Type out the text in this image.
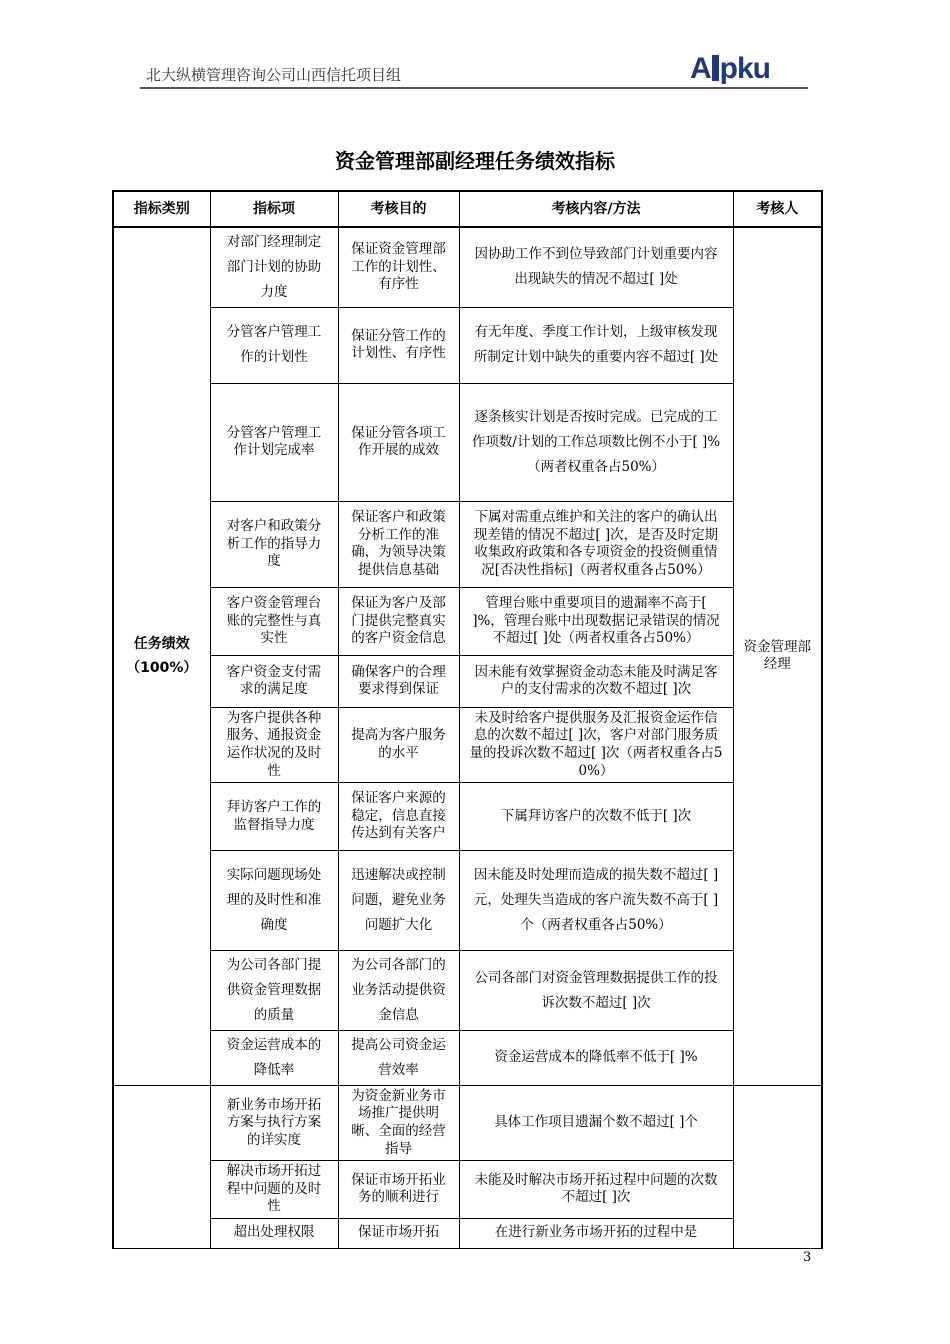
北大纵横管理咨询公司山西信托项目组	A pku
资金管理部副经理任务绩效指标
指标类别	指标项	考核目的	考核内容/方法	考核人
任务绩效
（100%）	对部门经理制定部门计划的协助力度	保证资金管理部工作的计划性、有序性	因协助工作不到位导致部门计划重要内容出现缺失的情况不超过[ ]处	资金管理部经理
	分管客户管理工作的计划性	保证分管工作的计划性、有序性	有无年度、季度工作计划，上级审核发现所制定计划中缺失的重要内容不超过[ ]处	
	分管客户管理工作计划完成率	保证分管各项工作开展的成效	逐条核实计划是否按时完成。已完成的工作项数/计划的工作总项数比例不小于[ ]%（两者权重各占50%）	
	对客户和政策分析工作的指导力度	保证客户和政策分析工作的准确，为领导决策提供信息基础	下属对需重点维护和关注的客户的确认出现差错的情况不超过[ ]次，是否及时定期收集政府政策和各专项资金的投资侧重情况[否决性指标]（两者权重各占50%）	
	客户资金管理台账的完整性与真实性	保证为客户及部门提供完整真实的客户资金信息	管理台账中重要项目的遗漏率不高于[ ]%，管理台账中出现数据记录错误的情况不超过[ ]处（两者权重各占50%）	
	客户资金支付需求的满足度	确保客户的合理要求得到保证	因未能有效掌握资金动态未能及时满足客户的支付需求的次数不超过[ ]次	
	为客户提供各种服务、通报资金运作状况的及时性	提高为客户服务的水平	未及时给客户提供服务及汇报资金运作信息的次数不超过[ ]次，客户对部门服务质量的投诉次数不超过[ ]次（两者权重各占50%）	
	拜访客户工作的监督指导力度	保证客户来源的稳定，信息直接传达到有关客户	下属拜访客户的次数不低于[ ]次	
	实际问题现场处理的及时性和准确度	迅速解决或控制问题，避免业务问题扩大化	因未能及时处理而造成的损失数不超过[ ]元，处理失当造成的客户流失数不高于[ ]个（两者权重各占50%）	
	为公司各部门提供资金管理数据的质量	为公司各部门的业务活动提供资金信息	公司各部门对资金管理数据提供工作的投诉次数不超过[ ]次	
	资金运营成本的降低率	提高公司资金运营效率	资金运营成本的降低率不低于[ ]%	
	新业务市场开拓方案与执行方案的详实度	为资金新业务市场推广提供明晰、全面的经营指导	具体工作项目遗漏个数不超过[ ]个	
	解决市场开拓过程中问题的及时性	保证市场开拓业务的顺利进行	未能及时解决市场开拓过程中问题的次数不超过[ ]次	
	超出处理权限	保证市场开拓	在进行新业务市场开拓的过程中是	
3
